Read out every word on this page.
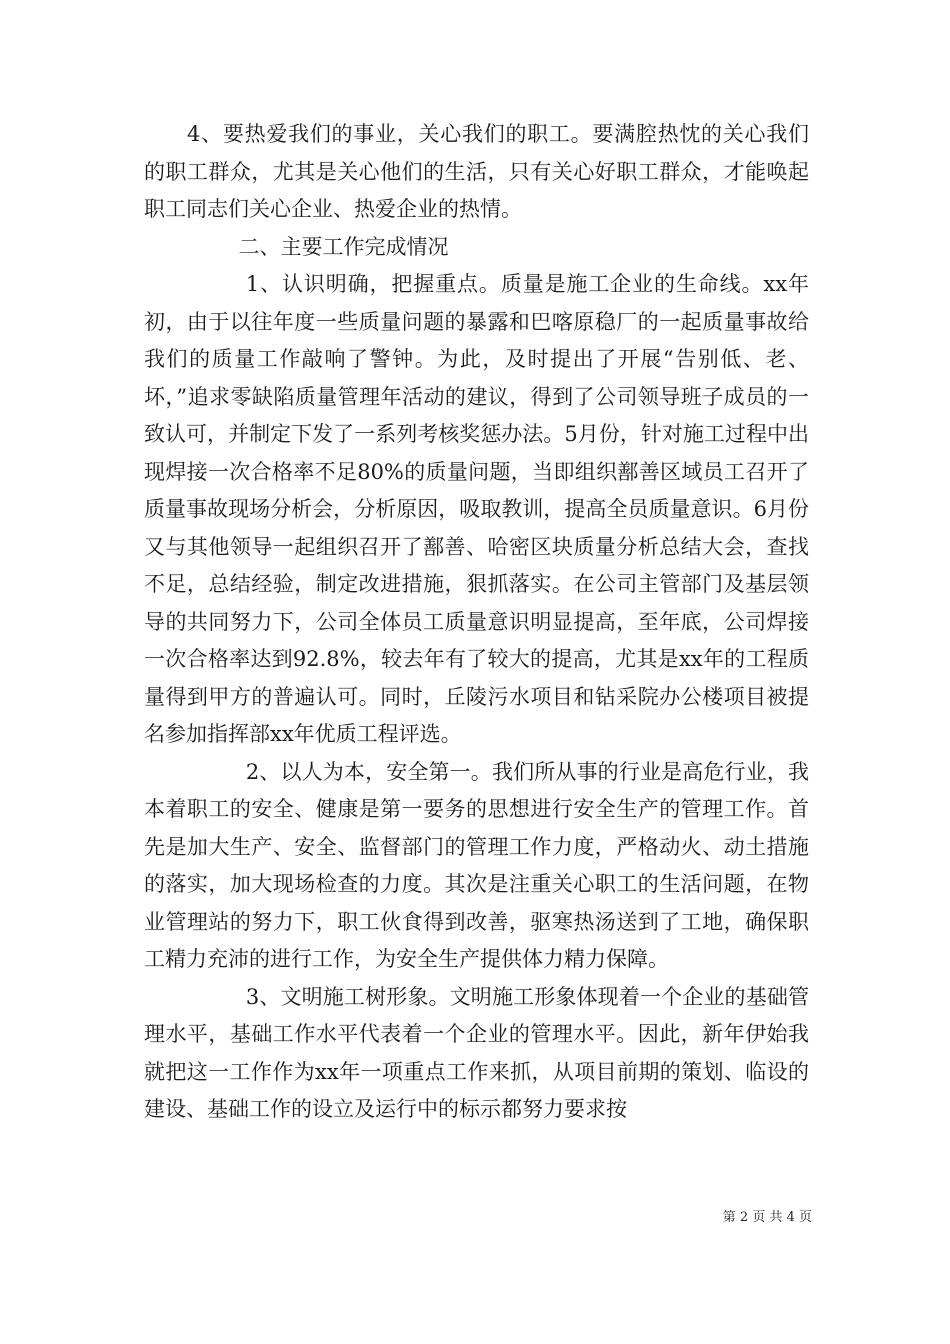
4、要热爱我们的事业，关心我们的职工。要满腔热忱的关心我们的职工群众，尤其是关心他们的生活，只有关心好职工群众，才能唤起职工同志们关心企业、热爱企业的热情。

二、主要工作完成情况

1、认识明确，把握重点。质量是施工企业的生命线。xx年初，由于以往年度一些质量问题的暴露和巴喀原稳厂的一起质量事故给我们的质量工作敲响了警钟。为此，及时提出了开展“告别低、老、坏，”追求零缺陷质量管理年活动的建议，得到了公司领导班子成员的一致认可，并制定下发了一系列考核奖惩办法。5月份，针对施工过程中出现焊接一次合格率不足80%的质量问题，当即组织鄯善区域员工召开了质量事故现场分析会，分析原因，吸取教训，提高全员质量意识。6月份又与其他领导一起组织召开了鄯善、哈密区块质量分析总结大会，查找不足，总结经验，制定改进措施，狠抓落实。在公司主管部门及基层领导的共同努力下，公司全体员工质量意识明显提高，至年底，公司焊接一次合格率达到92.8%，较去年有了较大的提高，尤其是xx年的工程质量得到甲方的普遍认可。同时，丘陵污水项目和钻采院办公楼项目被提名参加指挥部xx年优质工程评选。

2、以人为本，安全第一。我们所从事的行业是高危行业，我本着职工的安全、健康是第一要务的思想进行安全生产的管理工作。首先是加大生产、安全、监督部门的管理工作力度，严格动火、动土措施的落实，加大现场检查的力度。其次是注重关心职工的生活问题，在物业管理站的努力下，职工伙食得到改善，驱寒热汤送到了工地，确保职工精力充沛的进行工作，为安全生产提供体力精力保障。

3、文明施工树形象。文明施工形象体现着一个企业的基础管理水平，基础工作水平代表着一个企业的管理水平。因此，新年伊始我就把这一工作作为xx年一项重点工作来抓，从项目前期的策划、临设的建设、基础工作的设立及运行中的标示都努力要求按

第 2 页 共 4 页
